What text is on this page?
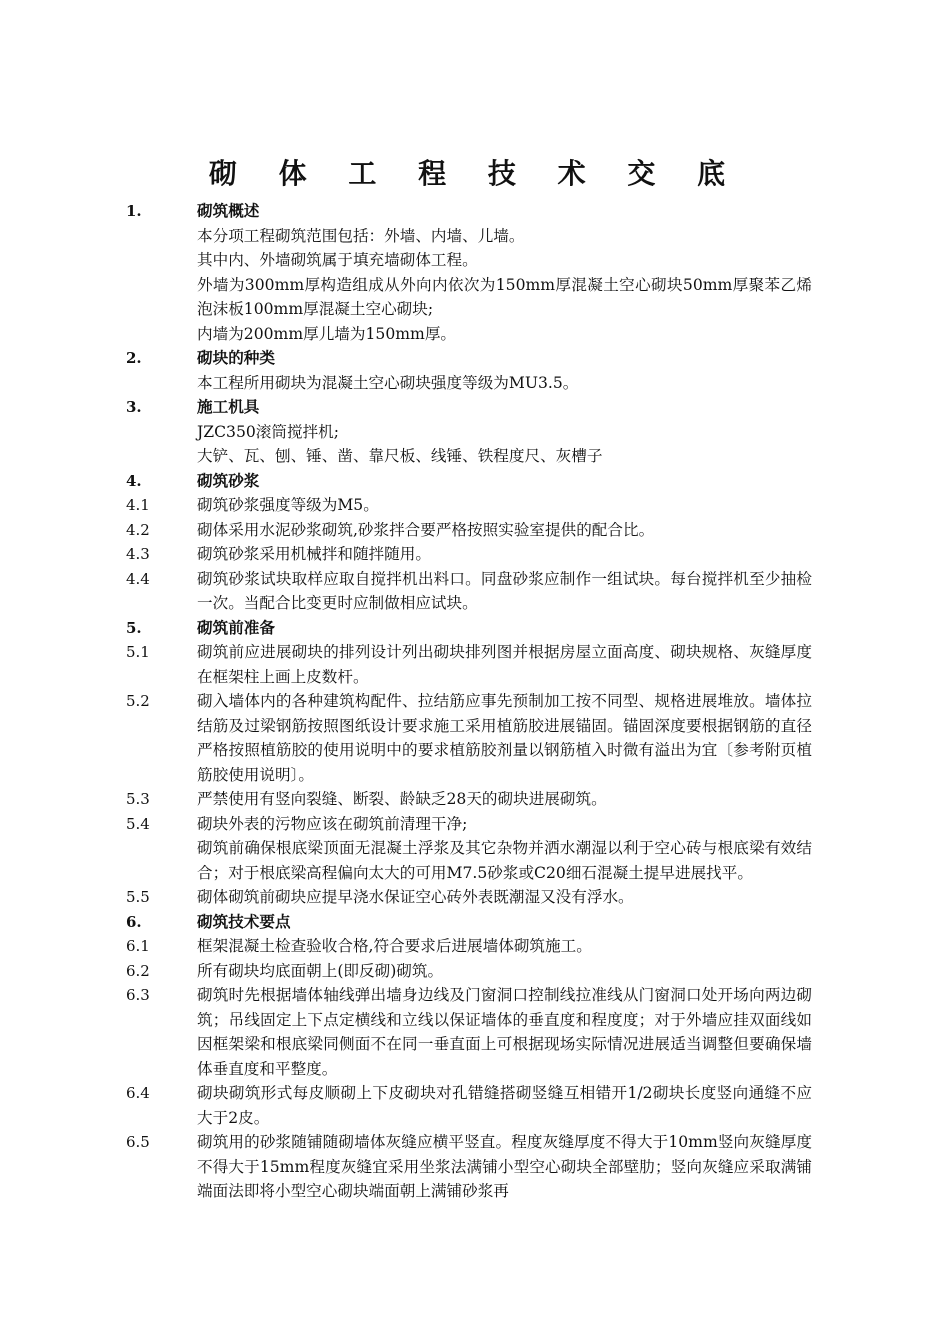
砌 体 工 程 技 术 交 底
1.	砌筑概述
本分项工程砌筑范围包括：外墙、内墙、儿墙。
其中内、外墙砌筑属于填充墙砌体工程。
外墙为300mm厚构造组成从外向内依次为150mm厚混凝土空心砌块50mm厚聚苯乙烯泡沫板100mm厚混凝土空心砌块;
内墙为200mm厚儿墙为150mm厚。
2.	砌块的种类
本工程所用砌块为混凝土空心砌块强度等级为MU3.5。
3.	施工机具
JZC350滚筒搅拌机;
大铲、瓦、刨、锤、凿、靠尺板、线锤、铁程度尺、灰槽子
4.	砌筑砂浆
4.1	砌筑砂浆强度等级为M5。
4.2	砌体采用水泥砂浆砌筑,砂浆拌合要严格按照实验室提供的配合比。
4.3	砌筑砂浆采用机械拌和随拌随用。
4.4	砌筑砂浆试块取样应取自搅拌机出料口。同盘砂浆应制作一组试块。每台搅拌机至少抽检一次。当配合比变更时应制做相应试块。
5.	砌筑前准备
5.1	砌筑前应进展砌块的排列设计列出砌块排列图并根据房屋立面高度、砌块规格、灰缝厚度在框架柱上画上皮数杆。
5.2	砌入墙体内的各种建筑构配件、拉结筋应事先预制加工按不同型、规格进展堆放。墙体拉结筋及过梁钢筋按照图纸设计要求施工采用植筋胶进展锚固。锚固深度要根据钢筋的直径严格按照植筋胶的使用说明中的要求植筋胶剂量以钢筋植入时微有溢出为宜〔参考附页植筋胶使用说明〕。
5.3	严禁使用有竖向裂缝、断裂、龄缺乏28天的砌块进展砌筑。
5.4	砌块外表的污物应该在砌筑前清理干净;
砌筑前确保根底梁顶面无混凝土浮浆及其它杂物并洒水潮湿以利于空心砖与根底梁有效结合；对于根底梁高程偏向太大的可用M7.5砂浆或C20细石混凝土提早进展找平。
5.5	砌体砌筑前砌块应提早浇水保证空心砖外表既潮湿又没有浮水。
6.	砌筑技术要点
6.1	框架混凝土检查验收合格,符合要求后进展墙体砌筑施工。
6.2	所有砌块均底面朝上(即反砌)砌筑。
6.3	砌筑时先根据墙体轴线弹出墙身边线及门窗洞口控制线拉准线从门窗洞口处开场向两边砌筑；吊线固定上下点定横线和立线以保证墙体的垂直度和程度度；对于外墙应挂双面线如因框架梁和根底梁同侧面不在同一垂直面上可根据现场实际情况进展适当调整但要确保墙体垂直度和平整度。
6.4	砌块砌筑形式每皮顺砌上下皮砌块对孔错缝搭砌竖缝互相错开1/2砌块长度竖向通缝不应大于2皮。
6.5	砌筑用的砂浆随铺随砌墙体灰缝应横平竖直。程度灰缝厚度不得大于10mm竖向灰缝厚度不得大于15mm程度灰缝宜采用坐浆法满铺小型空心砌块全部壁肋；竖向灰缝应采取满铺端面法即将小型空心砌块端面朝上满铺砂浆再
